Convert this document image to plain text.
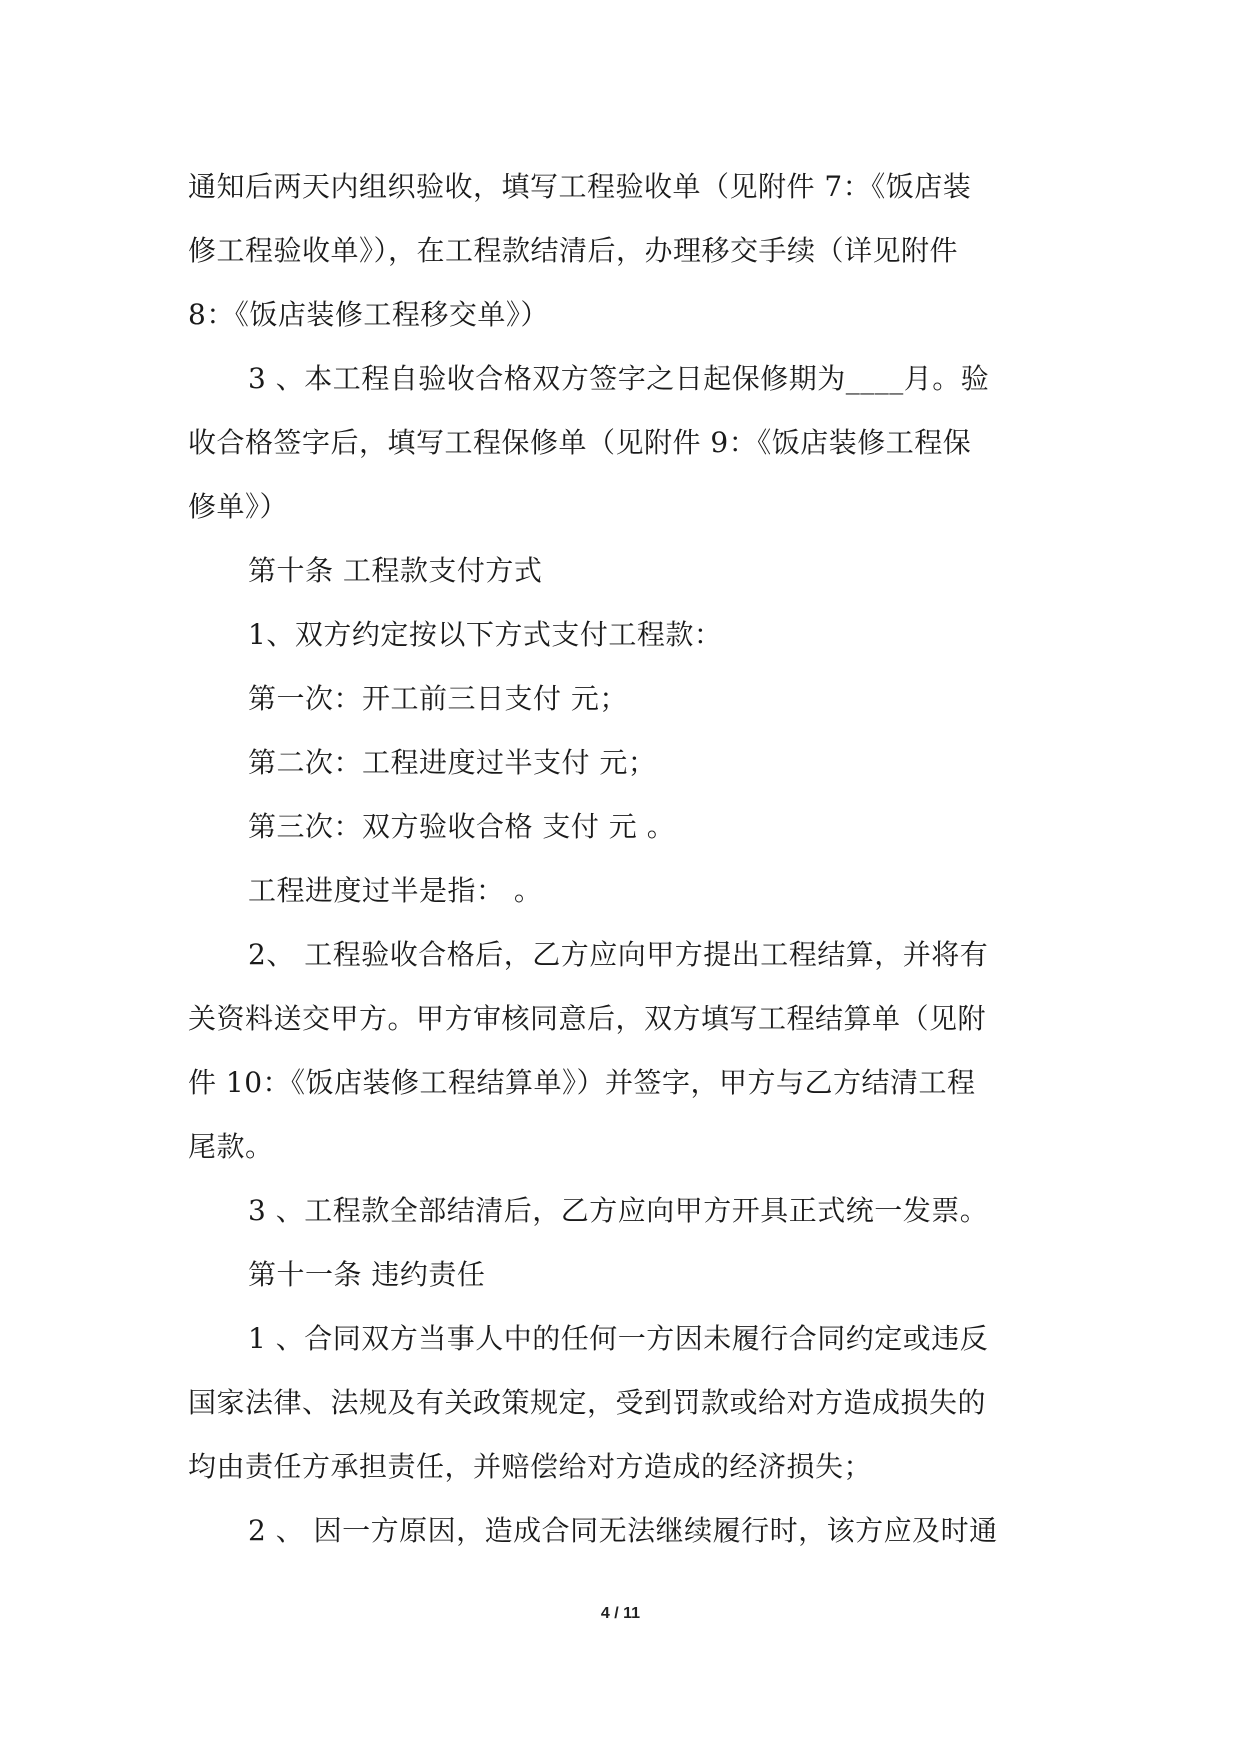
通知后两天内组织验收，填写工程验收单（见附件 7：《饭店装
修工程验收单》），在工程款结清后，办理移交手续（详见附件
8：《饭店装修工程移交单》）
3 、本工程自验收合格双方签字之日起保修期为____月。验
收合格签字后，填写工程保修单（见附件 9：《饭店装修工程保
修单》）
第十条 工程款支付方式
1、双方约定按以下方式支付工程款：
第一次：开工前三日支付 元；
第二次：工程进度过半支付 元；
第三次：双方验收合格 支付 元 。
工程进度过半是指： 。
2、 工程验收合格后，乙方应向甲方提出工程结算，并将有
关资料送交甲方。甲方审核同意后，双方填写工程结算单（见附
件 10：《饭店装修工程结算单》）并签字，甲方与乙方结清工程
尾款。
3 、工程款全部结清后，乙方应向甲方开具正式统一发票。
第十一条 违约责任
1 、合同双方当事人中的任何一方因未履行合同约定或违反
国家法律、法规及有关政策规定，受到罚款或给对方造成损失的
均由责任方承担责任，并赔偿给对方造成的经济损失；
2 、 因一方原因，造成合同无法继续履行时，该方应及时通
4 / 11
